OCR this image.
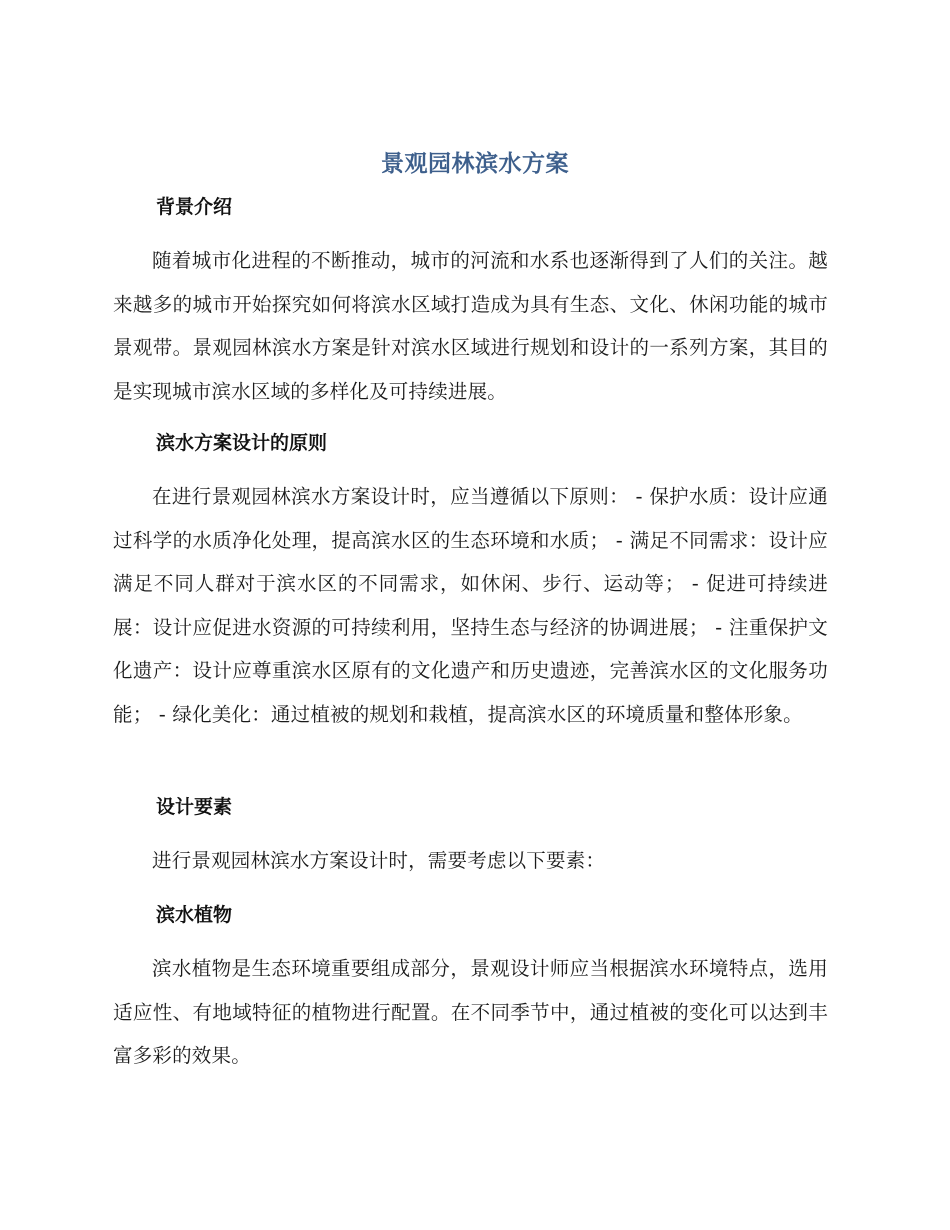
景观园林滨水方案
背景介绍
随着城市化进程的不断推动，城市的河流和水系也逐渐得到了人们的关注。越来越多的城市开始探究如何将滨水区域打造成为具有生态、文化、休闲功能的城市景观带。景观园林滨水方案是针对滨水区域进行规划和设计的一系列方案，其目的是实现城市滨水区域的多样化及可持续进展。
滨水方案设计的原则
在进行景观园林滨水方案设计时，应当遵循以下原则： - 保护水质：设计应通过科学的水质净化处理，提高滨水区的生态环境和水质； - 满足不同需求：设计应满足不同人群对于滨水区的不同需求，如休闲、步行、运动等； - 促进可持续进展：设计应促进水资源的可持续利用，坚持生态与经济的协调进展； - 注重保护文化遗产：设计应尊重滨水区原有的文化遗产和历史遗迹，完善滨水区的文化服务功能； - 绿化美化：通过植被的规划和栽植，提高滨水区的环境质量和整体形象。
设计要素
进行景观园林滨水方案设计时，需要考虑以下要素：
滨水植物
滨水植物是生态环境重要组成部分，景观设计师应当根据滨水环境特点，选用适应性、有地域特征的植物进行配置。在不同季节中，通过植被的变化可以达到丰富多彩的效果。
